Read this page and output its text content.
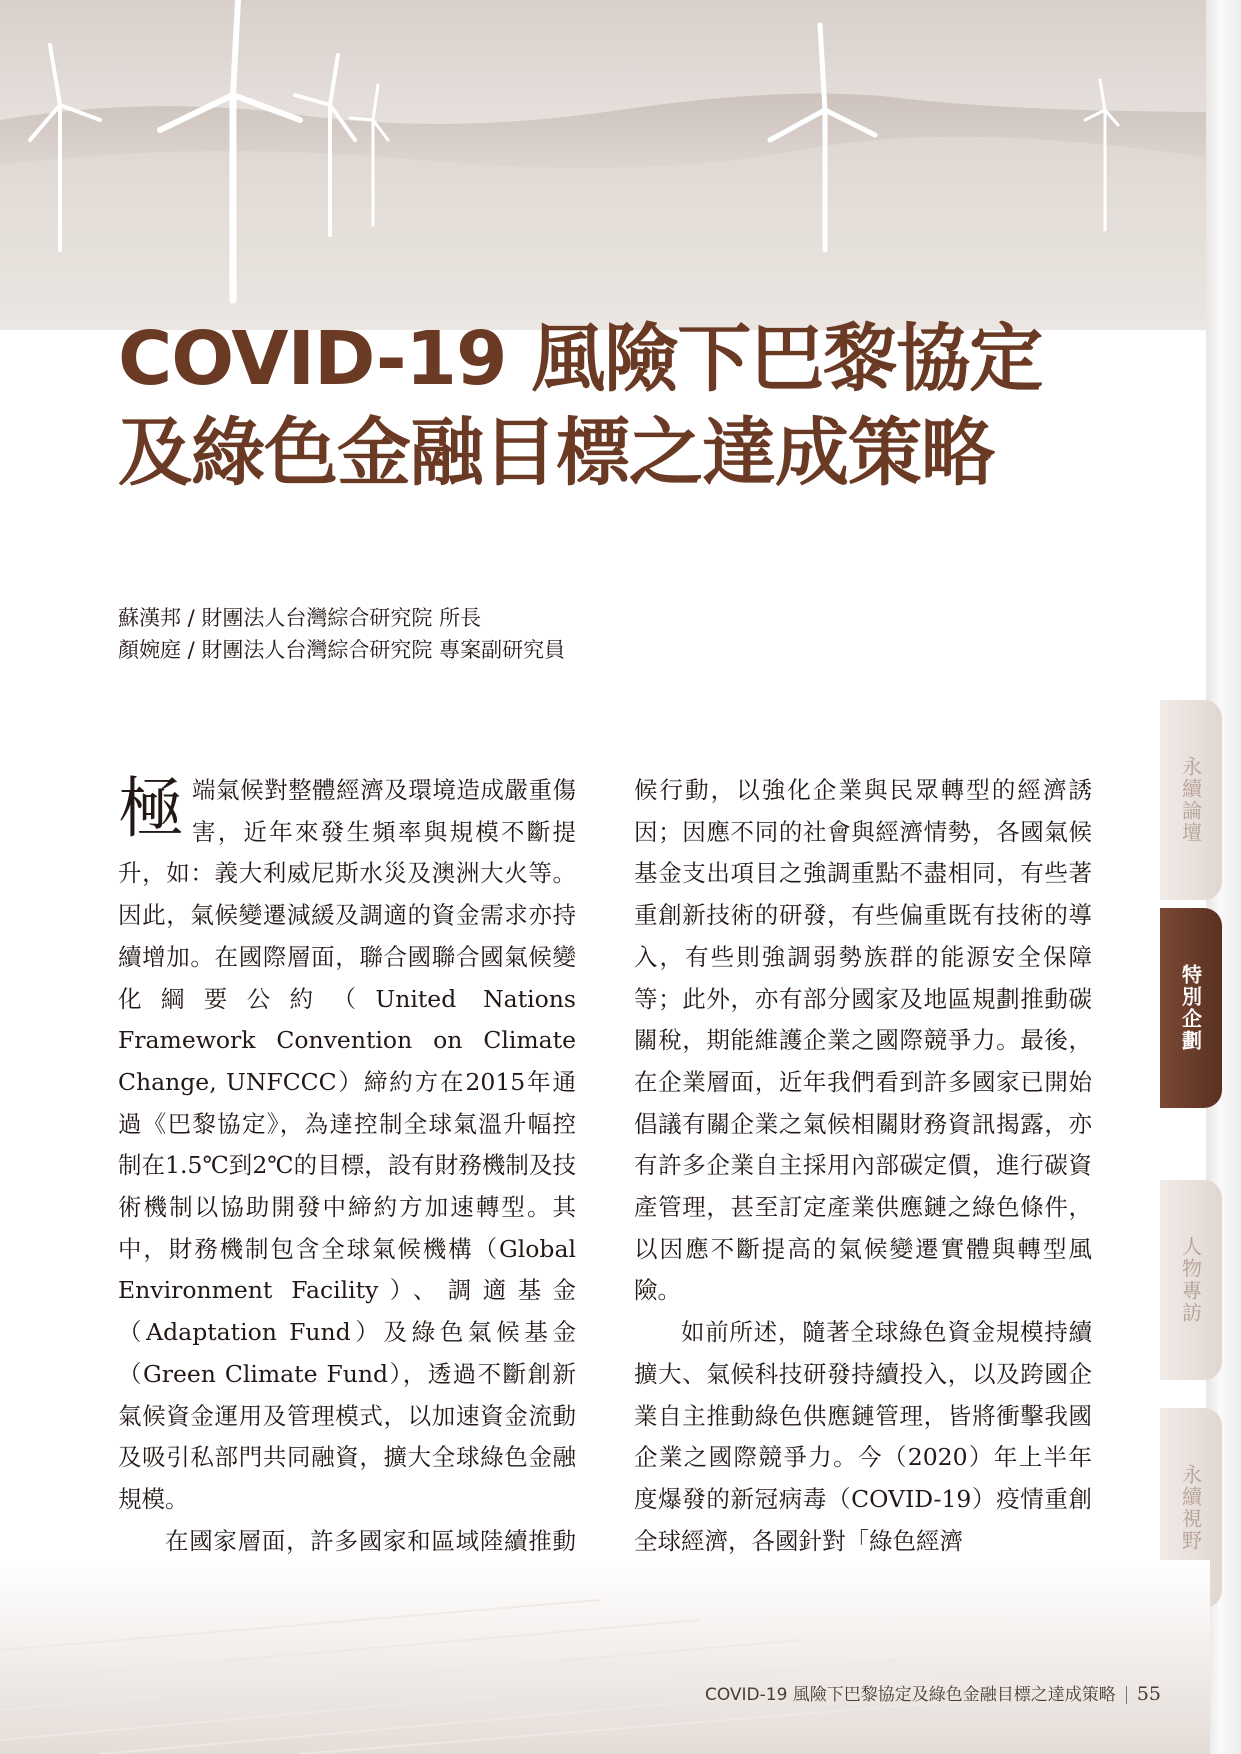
COVID-19 風險下巴黎協定
及綠色金融目標之達成策略
蘇漢邦 / 財團法人台灣綜合研究院 所長
顏婉庭 / 財團法人台灣綜合研究院 專案副研究員

極端氣候對整體經濟及環境造成嚴重傷害，近年來發生頻率與規模不斷提升，如：義大利威尼斯水災及澳洲大火等。因此，氣候變遷減緩及調適的資金需求亦持續增加。在國際層面，聯合國聯合國氣候變化綱要公約（United Nations Framework Convention on Climate Change, UNFCCC）締約方在2015年通過《巴黎協定》，為達控制全球氣溫升幅控制在1.5℃到2℃的目標，設有財務機制及技術機制以協助開發中締約方加速轉型。其中，財務機制包含全球氣候機構（Global Environment Facility）、調適基金（Adaptation Fund）及綠色氣候基金（Green Climate Fund），透過不斷創新氣候資金運用及管理模式，以加速資金流動及吸引私部門共同融資，擴大全球綠色金融規模。

在國家層面，許多國家和區域陸續推動

候行動，以強化企業與民眾轉型的經濟誘因；因應不同的社會與經濟情勢，各國氣候基金支出項目之強調重點不盡相同，有些著重創新技術的研發，有些偏重既有技術的導入，有些則強調弱勢族群的能源安全保障等；此外，亦有部分國家及地區規劃推動碳關稅，期能維護企業之國際競爭力。最後，在企業層面，近年我們看到許多國家已開始倡議有關企業之氣候相關財務資訊揭露，亦有許多企業自主採用內部碳定價，進行碳資產管理，甚至訂定產業供應鏈之綠色條件，以因應不斷提高的氣候變遷實體與轉型風險。

如前所述，隨著全球綠色資金規模持續擴大、氣候科技研發持續投入，以及跨國企業自主推動綠色供應鏈管理，皆將衝擊我國企業之國際競爭力。今（2020）年上半年度爆發的新冠病毒（COVID-19）疫情重創全球經濟，各國針對「綠色經濟

永續論壇
特別企劃
人物專訪
永續視野
COVID-19 風險下巴黎協定及綠色金融目標之達成策略 55
